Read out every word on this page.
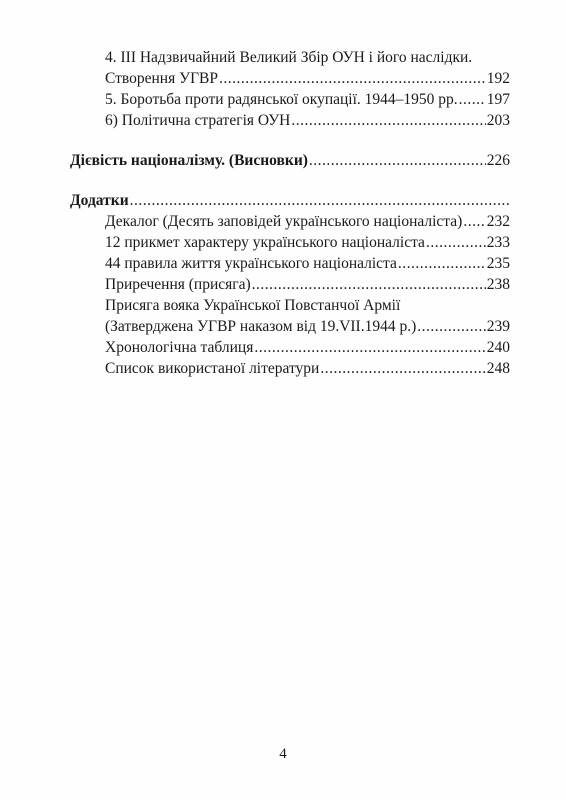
4. ІІІ Надзвичайний Великий Збір ОУН і його наслідки.
Створення УГВР .....	192
5. Боротьба проти радянської окупації. 1944–1950 рр. ..... 197
6) Політична стратегія ОУН .....	203
Дієвість націоналізму. (Висновки) .....	226
Додатки
.....
Декалог (Десять заповідей українського націоналіста) ..... 232
12 прикмет характеру українського націоналіста .....	233
44 правила життя українського націоналіста .....	235
Приречення (присяга) .....	238
Присяга вояка Української Повстанчої Армії
(Затверджена УГВР наказом від 19.VII.1944 р.) .....	239
Хронологічна таблиця .....	240
Список використаної літератури .....	248
4
